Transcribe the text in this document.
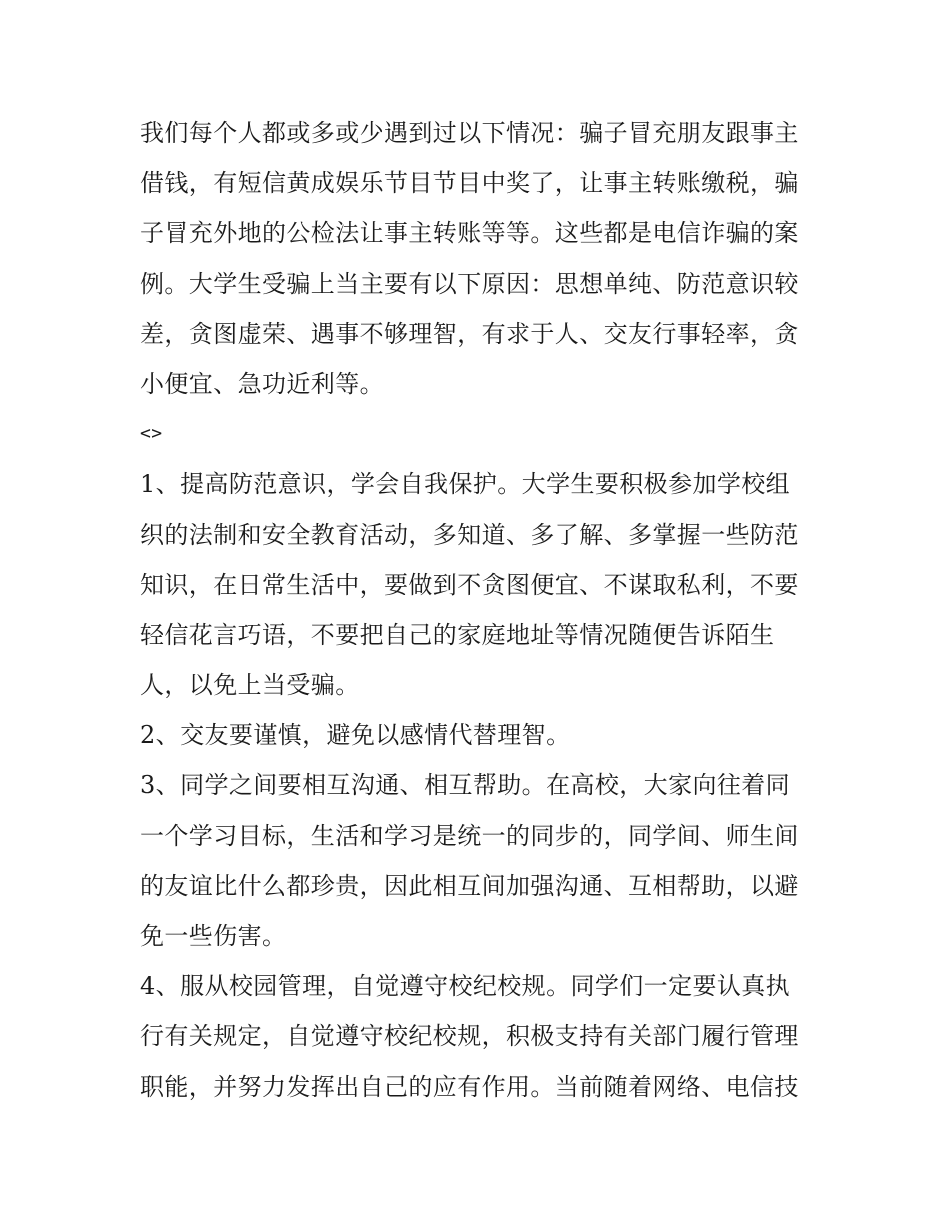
我们每个人都或多或少遇到过以下情况：骗子冒充朋友跟事主
借钱，有短信黄成娱乐节目节目中奖了，让事主转账缴税，骗
子冒充外地的公检法让事主转账等等。这些都是电信诈骗的案
例。大学生受骗上当主要有以下原因：思想单纯、防范意识较
差，贪图虚荣、遇事不够理智，有求于人、交友行事轻率，贪
小便宜、急功近利等。
<>
1、提高防范意识，学会自我保护。大学生要积极参加学校组
织的法制和安全教育活动，多知道、多了解、多掌握一些防范
知识，在日常生活中，要做到不贪图便宜、不谋取私利，不要
轻信花言巧语，不要把自己的家庭地址等情况随便告诉陌生
人，以免上当受骗。
2、交友要谨慎，避免以感情代替理智。
3、同学之间要相互沟通、相互帮助。在高校，大家向往着同
一个学习目标，生活和学习是统一的同步的，同学间、师生间
的友谊比什么都珍贵，因此相互间加强沟通、互相帮助，以避
免一些伤害。
4、服从校园管理，自觉遵守校纪校规。同学们一定要认真执
行有关规定，自觉遵守校纪校规，积极支持有关部门履行管理
职能，并努力发挥出自己的应有作用。当前随着网络、电信技
